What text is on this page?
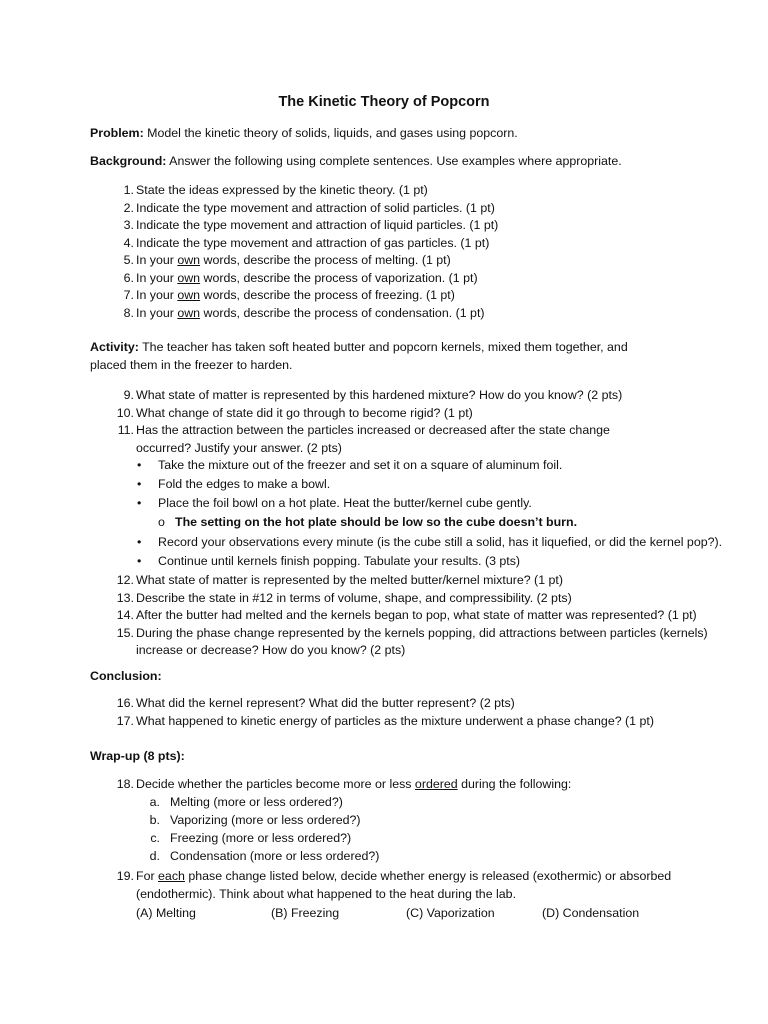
The Kinetic Theory of Popcorn
Problem: Model the kinetic theory of solids, liquids, and gases using popcorn.
Background: Answer the following using complete sentences. Use examples where appropriate.
1. State the ideas expressed by the kinetic theory. (1 pt)
2. Indicate the type movement and attraction of solid particles. (1 pt)
3. Indicate the type movement and attraction of liquid particles. (1 pt)
4. Indicate the type movement and attraction of gas particles. (1 pt)
5. In your own words, describe the process of melting. (1 pt)
6. In your own words, describe the process of vaporization. (1 pt)
7. In your own words, describe the process of freezing. (1 pt)
8. In your own words, describe the process of condensation. (1 pt)
Activity: The teacher has taken soft heated butter and popcorn kernels, mixed them together, and
placed them in the freezer to harden.
9. What state of matter is represented by this hardened mixture? How do you know? (2 pts)
10. What change of state did it go through to become rigid? (1 pt)
11. Has the attraction between the particles increased or decreased after the state change
occurred? Justify your answer. (2 pts)
• Take the mixture out of the freezer and set it on a square of aluminum foil.
• Fold the edges to make a bowl.
• Place the foil bowl on a hot plate. Heat the butter/kernel cube gently.
o The setting on the hot plate should be low so the cube doesn’t burn.
• Record your observations every minute (is the cube still a solid, has it liquefied, or did the kernel pop?).
• Continue until kernels finish popping. Tabulate your results. (3 pts)
12. What state of matter is represented by the melted butter/kernel mixture? (1 pt)
13. Describe the state in #12 in terms of volume, shape, and compressibility. (2 pts)
14. After the butter had melted and the kernels began to pop, what state of matter was represented? (1 pt)
15. During the phase change represented by the kernels popping, did attractions between particles (kernels)
increase or decrease? How do you know? (2 pts)
Conclusion:
16. What did the kernel represent? What did the butter represent? (2 pts)
17. What happened to kinetic energy of particles as the mixture underwent a phase change? (1 pt)
Wrap-up (8 pts):
18. Decide whether the particles become more or less ordered during the following:
a. Melting (more or less ordered?)
b. Vaporizing (more or less ordered?)
c. Freezing (more or less ordered?)
d. Condensation (more or less ordered?)
19. For each phase change listed below, decide whether energy is released (exothermic) or absorbed
(endothermic). Think about what happened to the heat during the lab.
(A) Melting	(B) Freezing	(C) Vaporization	(D) Condensation
